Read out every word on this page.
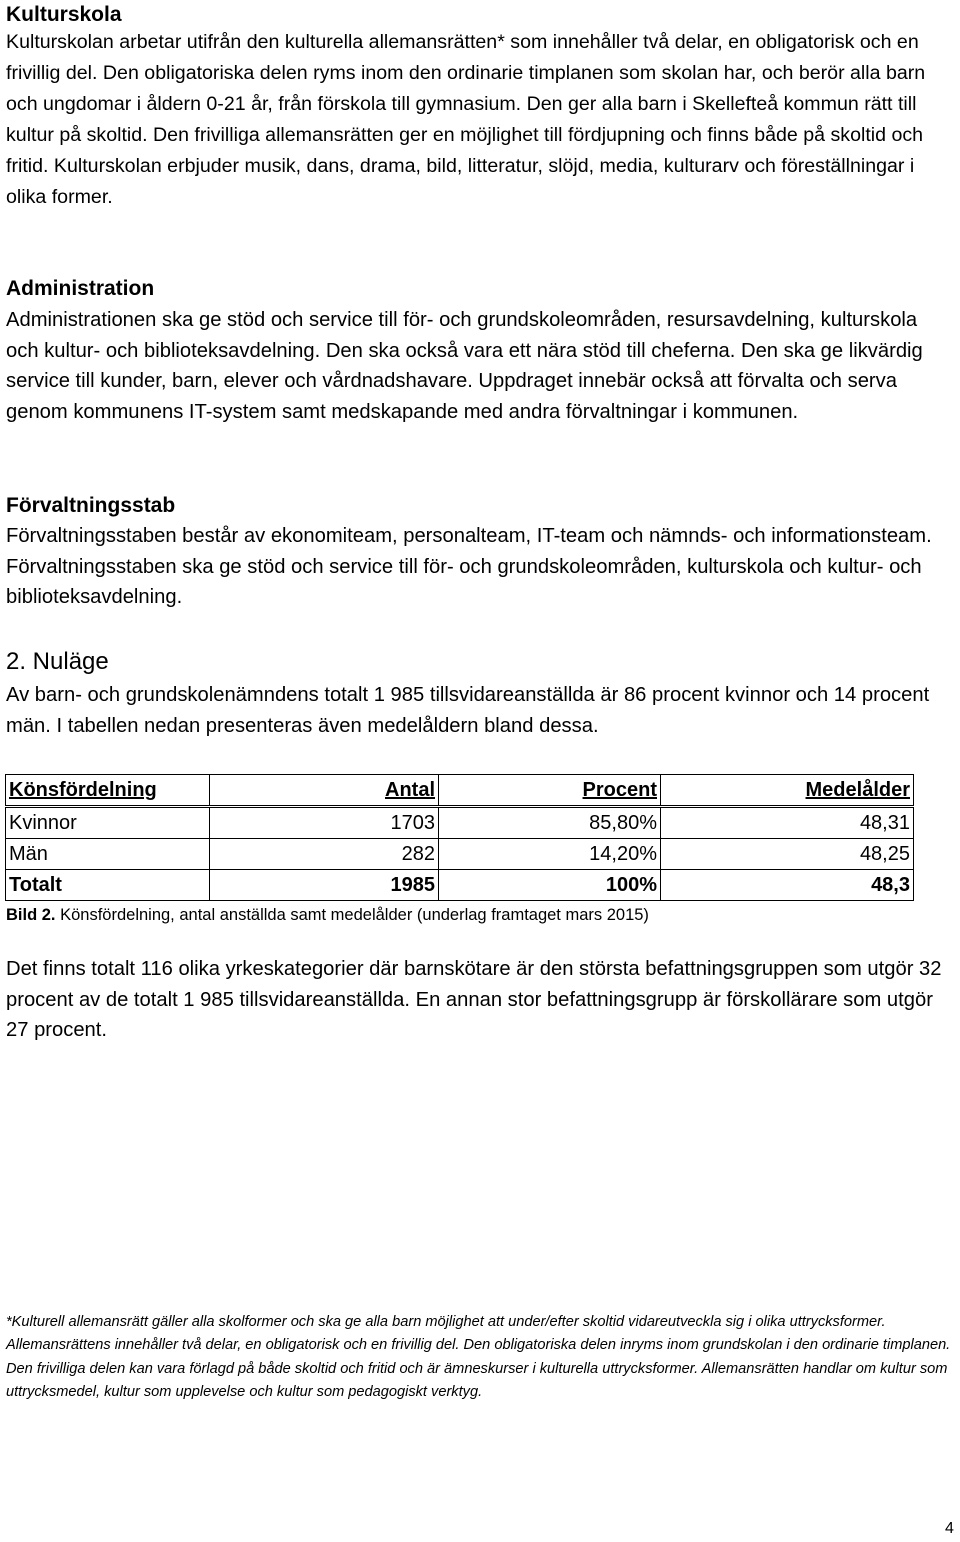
Kulturskola

Kulturskolan arbetar utifrån den kulturella allemansrätten* som innehåller två delar, en obligatorisk och en frivillig del. Den obligatoriska delen ryms inom den ordinarie timplanen som skolan har, och berör alla barn och ungdomar i åldern 0-21 år, från förskola till gymnasium. Den ger alla barn i Skellefteå kommun rätt till kultur på skoltid. Den frivilliga allemansrätten ger en möjlighet till fördjupning och finns både på skoltid och fritid. Kulturskolan erbjuder musik, dans, drama, bild, litteratur, slöjd, media, kulturarv och föreställningar i olika former.

Administration

Administrationen ska ge stöd och service till för- och grundskoleområden, resursavdelning, kulturskola och kultur- och biblioteksavdelning. Den ska också vara ett nära stöd till cheferna. Den ska ge likvärdig service till kunder, barn, elever och vårdnadshavare. Uppdraget innebär också att förvalta och serva genom kommunens IT-system samt medskapande med andra förvaltningar i kommunen.

Förvaltningsstab

Förvaltningsstaben består av ekonomiteam, personalteam, IT-team och nämnds- och informationsteam. Förvaltningsstaben ska ge stöd och service till för- och grundskoleområden, kulturskola och kultur- och biblioteksavdelning.

2. Nuläge

Av barn- och grundskolenämndens totalt 1 985 tillsvidareanställda är 86 procent kvinnor och 14 procent män. I tabellen nedan presenteras även medelåldern bland dessa.

Könsfördelning	Antal	Procent	Medelålder
Kvinnor	1703	85,80%	48,31
Män	282	14,20%	48,25
Totalt	1985	100%	48,3
Bild 2. Könsfördelning, antal anställda samt medelålder (underlag framtaget mars 2015)

Det finns totalt 116 olika yrkeskategorier där barnskötare är den största befattningsgruppen som utgör 32 procent av de totalt 1 985 tillsvidareanställda. En annan stor befattningsgrupp är förskollärare som utgör 27 procent.

*Kulturell allemansrätt gäller alla skolformer och ska ge alla barn möjlighet att under/efter skoltid vidareutveckla sig i olika uttrycksformer. Allemansrättens innehåller två delar, en obligatorisk och en frivillig del. Den obligatoriska delen inryms inom grundskolan i den ordinarie timplanen. Den frivilliga delen kan vara förlagd på både skoltid och fritid och är ämneskurser i kulturella uttrycksformer. Allemansrätten handlar om kultur som uttrycksmedel, kultur som upplevelse och kultur som pedagogiskt verktyg.

4
